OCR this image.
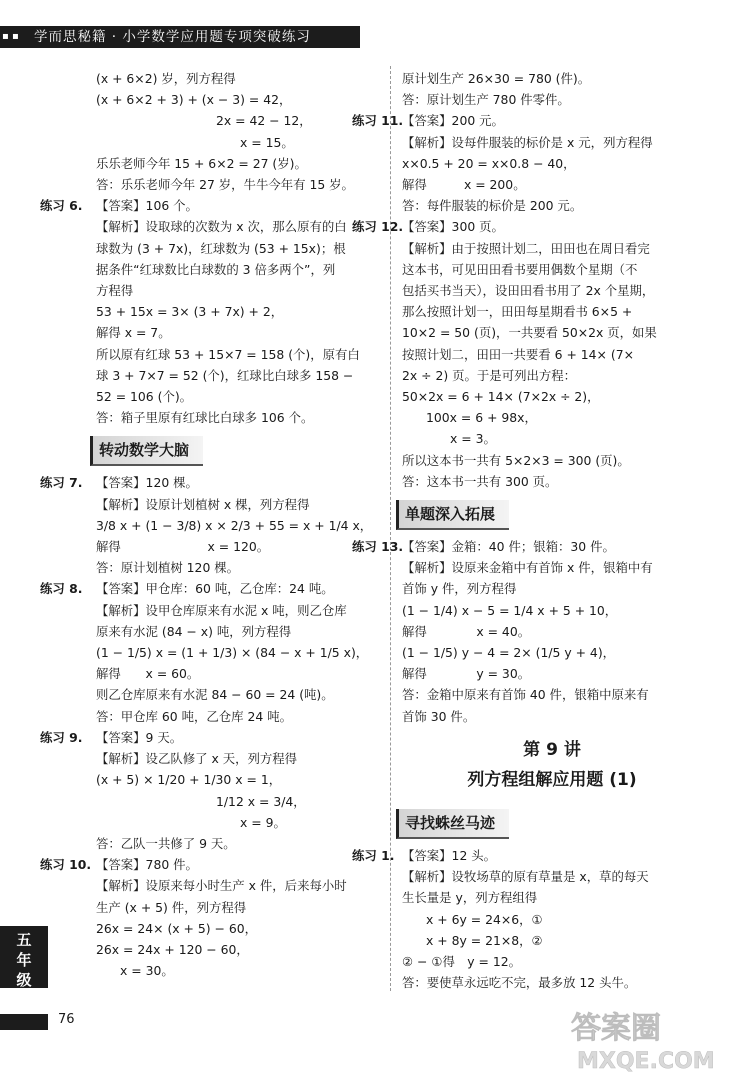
▪ ▪	学而思秘籍 · 小学数学应用题专项突破练习
(x + 6×2) 岁，列方程得
(x + 6×2 + 3) + (x − 3) = 42，
2x = 42 − 12，
x = 15。
乐乐老师今年 15 + 6×2 = 27 (岁)。
答：乐乐老师今年 27 岁，牛牛今年有 15 岁。
练习 6. 【答案】106 个。
【解析】设取球的次数为 x 次，那么原有的白
球数为 (3 + 7x)，红球数为 (53 + 15x)；根
据条件“红球数比白球数的 3 倍多两个”，列
方程得
53 + 15x = 3× (3 + 7x) + 2，
解得 x = 7。
所以原有红球 53 + 15×7 = 158 (个)，原有白
球 3 + 7×7 = 52 (个)，红球比白球多 158 −
52 = 106 (个)。
答：箱子里原有红球比白球多 106 个。
转动数学大脑
练习 7. 【答案】120 棵。
【解析】设原计划植树 x 棵，列方程得
3/8 x + (1 − 3/8) x × 2/3 + 55 = x + 1/4 x，
解得　　　　　　　x = 120。
答：原计划植树 120 棵。
练习 8. 【答案】甲仓库：60 吨，乙仓库：24 吨。
【解析】设甲仓库原来有水泥 x 吨，则乙仓库
原来有水泥 (84 − x) 吨，列方程得
(1 − 1/5) x = (1 + 1/3) × (84 − x + 1/5 x)，
解得　　x = 60。
则乙仓库原来有水泥 84 − 60 = 24 (吨)。
答：甲仓库 60 吨，乙仓库 24 吨。
练习 9. 【答案】9 天。
【解析】设乙队修了 x 天，列方程得
(x + 5) × 1/20 + 1/30 x = 1，
1/12 x = 3/4，
x = 9。
答：乙队一共修了 9 天。
练习 10. 【答案】780 件。
【解析】设原来每小时生产 x 件，后来每小时
生产 (x + 5) 件，列方程得
26x = 24× (x + 5) − 60，
26x = 24x + 120 − 60，
x = 30。
原计划生产 26×30 = 780 (件)。
答：原计划生产 780 件零件。
练习 11.【答案】200 元。
【解析】设每件服装的标价是 x 元，列方程得
x×0.5 + 20 = x×0.8 − 40，
解得　　　x = 200。
答：每件服装的标价是 200 元。
练习 12.【答案】300 页。
【解析】由于按照计划二，田田也在周日看完
这本书，可见田田看书要用偶数个星期（不
包括买书当天），设田田看书用了 2x 个星期，
那么按照计划一，田田每星期看书 6×5 +
10×2 = 50 (页)，一共要看 50×2x 页，如果
按照计划二，田田一共要看 6 + 14× (7×
2x ÷ 2) 页。于是可列出方程：
50×2x = 6 + 14× (7×2x ÷ 2)，
100x = 6 + 98x，
x = 3。
所以这本书一共有 5×2×3 = 300 (页)。
答：这本书一共有 300 页。
单题深入拓展
练习 13.【答案】金箱：40 件；银箱：30 件。
【解析】设原来金箱中有首饰 x 件，银箱中有
首饰 y 件，列方程得
(1 − 1/4) x − 5 = 1/4 x + 5 + 10，
解得　　　　x = 40。
(1 − 1/5) y − 4 = 2× (1/5 y + 4)，
解得　　　　y = 30。
答：金箱中原来有首饰 40 件，银箱中原来有
首饰 30 件。
第 9 讲
列方程组解应用题 (1)
寻找蛛丝马迹
练习 1. 【答案】12 头。
【解析】设牧场草的原有草量是 x，草的每天
生长量是 y，列方程组得
x + 6y = 24×6，①
x + 8y = 21×8，②
② − ①得　y = 12。
答：要使草永远吃不完，最多放 12 头牛。
五年级
76	答案圈
MXQE.COM
